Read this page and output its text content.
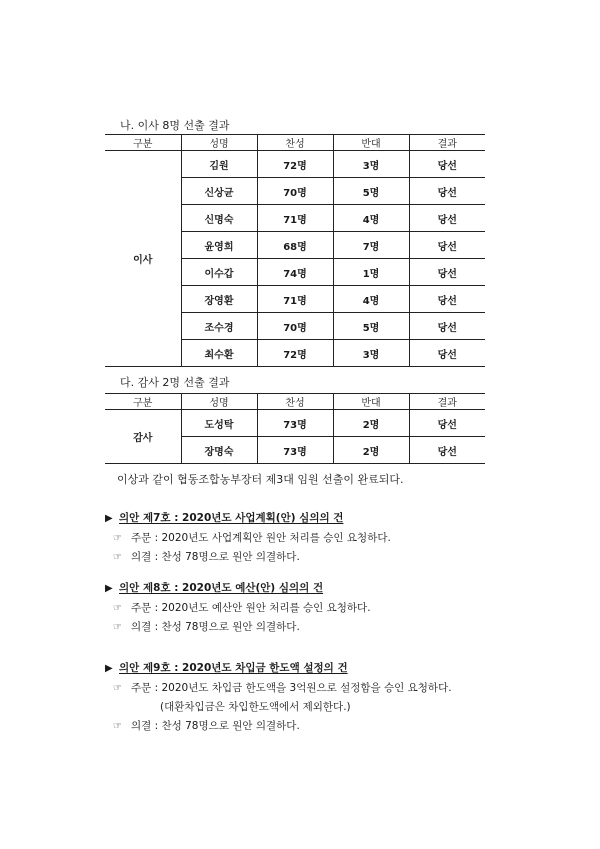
나. 이사 8명 선출 결과
구분	성명	찬성	반대	결과
이사	김원	72명	3명	당선
	신상균	70명	5명	당선
	신명숙	71명	4명	당선
	윤영희	68명	7명	당선
	이수갑	74명	1명	당선
	장영환	71명	4명	당선
	조수경	70명	5명	당선
	최수환	72명	3명	당선
다. 감사 2명 선출 결과
구분	성명	찬성	반대	결과
감사	도성탁	73명	2명	당선
	장명숙	73명	2명	당선
이상과 같이 협동조합농부장터 제3대 임원 선출이 완료되다.
▶ 의안 제7호 : 2020년도 사업계획(안) 심의의 건
☞ 주문 : 2020년도 사업계획안 원안 처리를 승인 요청하다.
☞ 의결 : 찬성 78명으로 원안 의결하다.
▶ 의안 제8호 : 2020년도 예산(안) 심의의 건
☞ 주문 : 2020년도 예산안 원안 처리를 승인 요청하다.
☞ 의결 : 찬성 78명으로 원안 의결하다.
▶ 의안 제9호 : 2020년도 차입금 한도액 설정의 건
☞ 주문 : 2020년도 차입금 한도액을 3억원으로 설정함을 승인 요청하다.
(대환차입금은 차입한도액에서 제외한다.)
☞ 의결 : 찬성 78명으로 원안 의결하다.
